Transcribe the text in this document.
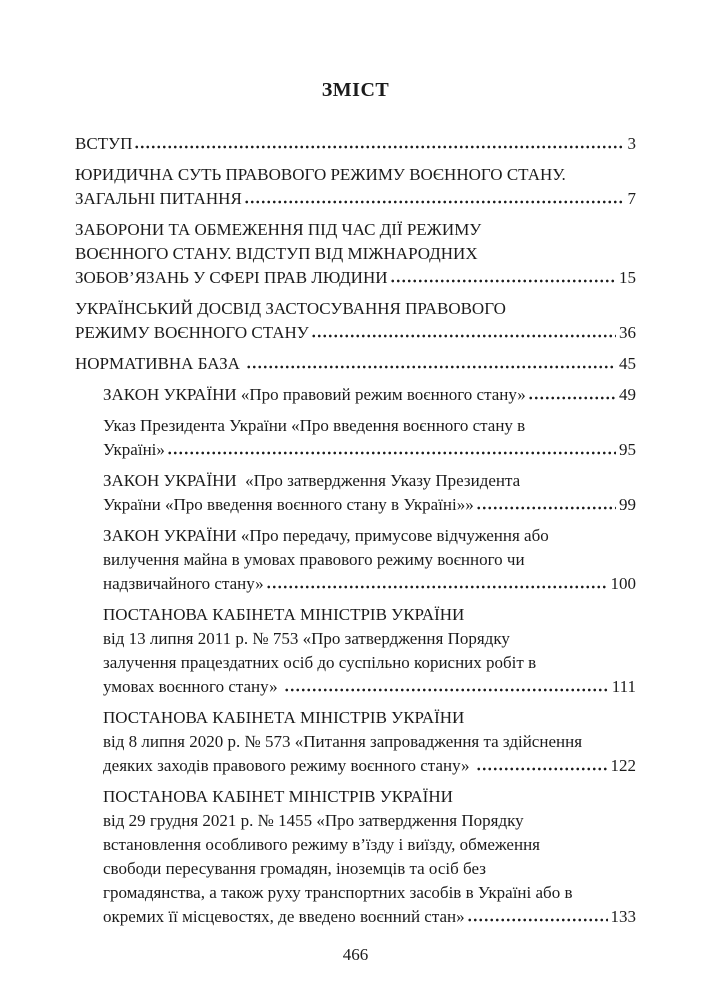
ЗМІСТ
ВСТУП	3
ЮРИДИЧНА СУТЬ ПРАВОВОГО РЕЖИМУ ВОЄННОГО СТАНУ.
ЗАГАЛЬНІ ПИТАННЯ	7
ЗАБОРОНИ ТА ОБМЕЖЕННЯ ПІД ЧАС ДІЇ РЕЖИМУ
ВОЄННОГО СТАНУ. ВІДСТУП ВІД МІЖНАРОДНИХ
ЗОБОВ’ЯЗАНЬ У СФЕРІ ПРАВ ЛЮДИНИ	15
УКРАЇНСЬКИЙ ДОСВІД ЗАСТОСУВАННЯ ПРАВОВОГО
РЕЖИМУ ВОЄННОГО СТАНУ	36
НОРМАТИВНА БАЗА	45
ЗАКОН УКРАЇНИ «Про правовий режим воєнного стану»	49
Указ Президента України «Про введення воєнного стану в
Україні»	95
ЗАКОН УКРАЇНИ  «Про затвердження Указу Президента
України «Про введення воєнного стану в Україні»»	99
ЗАКОН УКРАЇНИ «Про передачу, примусове відчуження або
вилучення майна в умовах правового режиму воєнного чи
надзвичайного стану»	100
ПОСТАНОВА КАБІНЕТА МІНІСТРІВ УКРАЇНИ
від 13 липня 2011 р. № 753 «Про затвердження Порядку
залучення працездатних осіб до суспільно корисних робіт в
умовах воєнного стану»	111
ПОСТАНОВА КАБІНЕТА МІНІСТРІВ УКРАЇНИ
від 8 липня 2020 р. № 573 «Питання запровадження та здійснення
деяких заходів правового режиму воєнного стану»	122
ПОСТАНОВА КАБІНЕТ МІНІСТРІВ УКРАЇНИ
від 29 грудня 2021 р. № 1455 «Про затвердження Порядку
встановлення особливого режиму в’їзду і виїзду, обмеження
свободи пересування громадян, іноземців та осіб без
громадянства, а також руху транспортних засобів в Україні або в
окремих її місцевостях, де введено воєнний стан»	133
466
